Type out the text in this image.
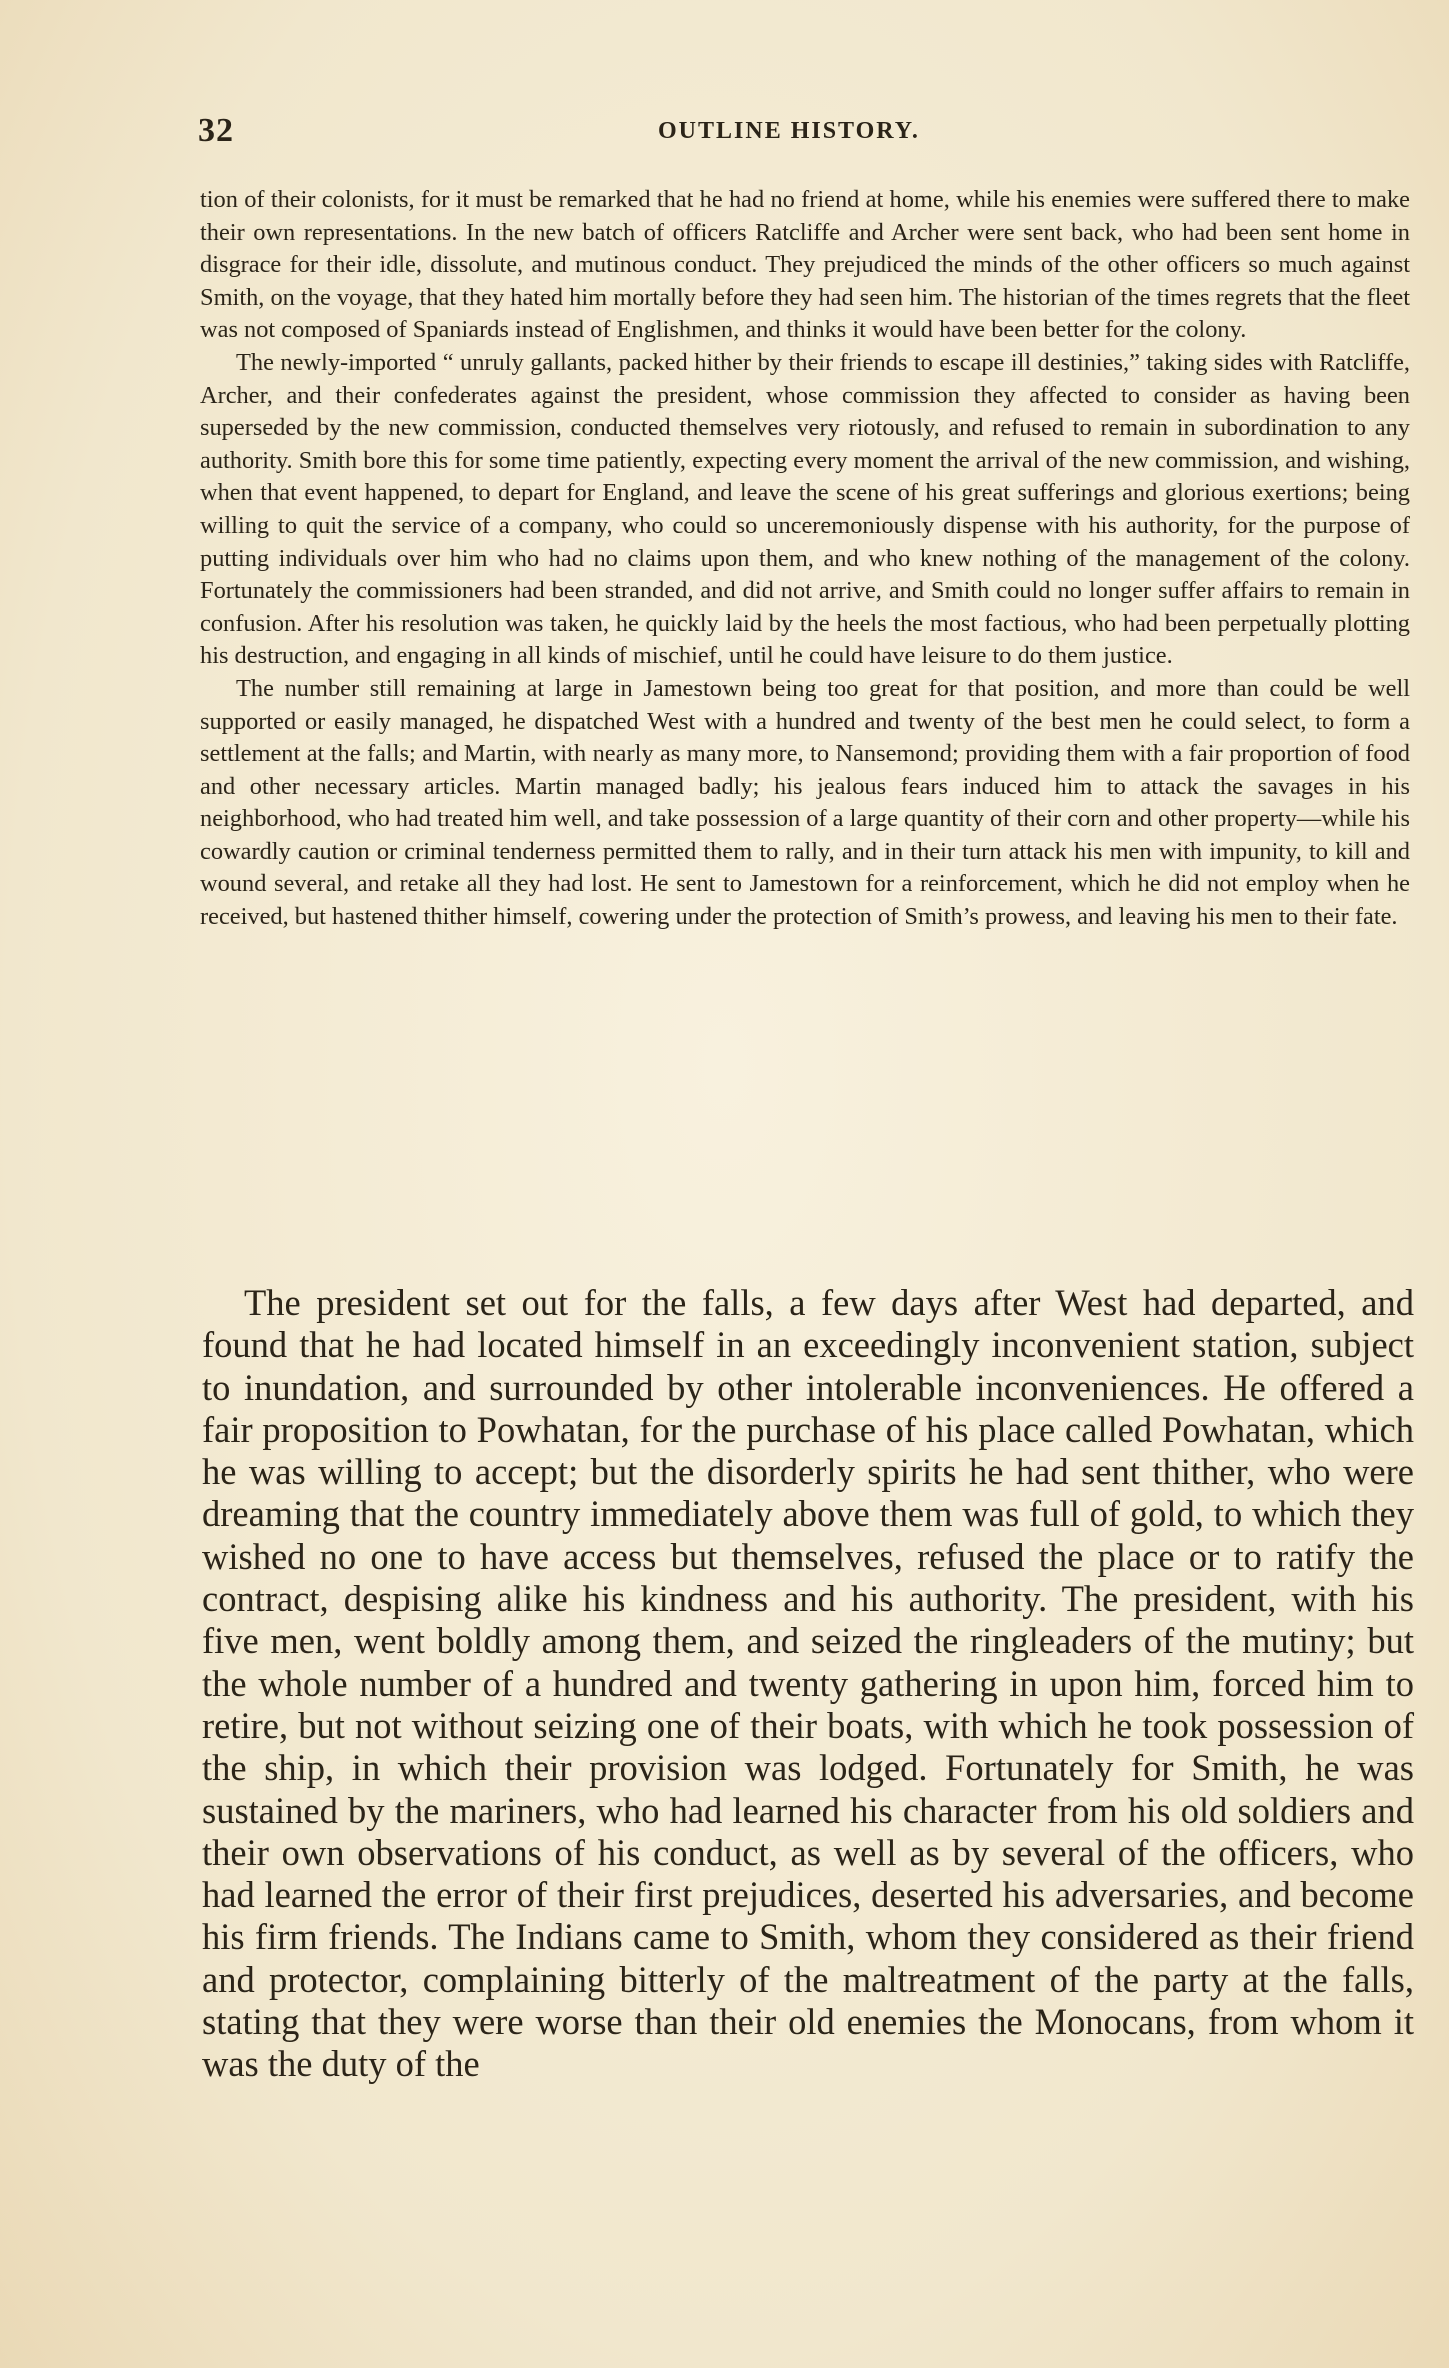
32	OUTLINE HISTORY.

tion of their colonists, for it must be remarked that he had no friend at home, while his enemies were suffered there to make their own representations. In the new batch of officers Ratcliffe and Archer were sent back, who had been sent home in disgrace for their idle, dissolute, and mutinous conduct. They prejudiced the minds of the other officers so much against Smith, on the voyage, that they hated him mortally before they had seen him. The historian of the times regrets that the fleet was not composed of Spaniards instead of Englishmen, and thinks it would have been better for the colony.

The newly-imported “ unruly gallants, packed hither by their friends to escape ill destinies,” taking sides with Ratcliffe, Archer, and their confederates against the president, whose commission they affected to consider as having been superseded by the new commission, conducted themselves very riotously, and refused to remain in subordination to any authority. Smith bore this for some time patiently, expecting every moment the arrival of the new commission, and wishing, when that event happened, to depart for England, and leave the scene of his great sufferings and glorious exertions; being willing to quit the service of a company, who could so unceremoniously dispense with his authority, for the purpose of putting individuals over him who had no claims upon them, and who knew nothing of the management of the colony. Fortunately the commissioners had been stranded, and did not arrive, and Smith could no longer suffer affairs to remain in confusion. After his resolution was taken, he quickly laid by the heels the most factious, who had been perpetually plotting his destruction, and engaging in all kinds of mischief, until he could have leisure to do them justice.

The number still remaining at large in Jamestown being too great for that position, and more than could be well supported or easily managed, he dispatched West with a hundred and twenty of the best men he could select, to form a settlement at the falls; and Martin, with nearly as many more, to Nansemond; providing them with a fair proportion of food and other necessary articles. Martin managed badly; his jealous fears induced him to attack the savages in his neighborhood, who had treated him well, and take possession of a large quantity of their corn and other property—while his cowardly caution or criminal tenderness permitted them to rally, and in their turn attack his men with impunity, to kill and wound several, and retake all they had lost. He sent to Jamestown for a reinforcement, which he did not employ when he received, but hastened thither himself, cowering under the protection of Smith’s prowess, and leaving his men to their fate.

The president set out for the falls, a few days after West had departed, and found that he had located himself in an exceedingly inconvenient station, subject to inundation, and surrounded by other intolerable inconveniences. He offered a fair proposition to Powhatan, for the purchase of his place called Powhatan, which he was willing to accept; but the disorderly spirits he had sent thither, who were dreaming that the country immediately above them was full of gold, to which they wished no one to have access but themselves, refused the place or to ratify the contract, despising alike his kindness and his authority. The president, with his five men, went boldly among them, and seized the ringleaders of the mutiny; but the whole number of a hundred and twenty gathering in upon him, forced him to retire, but not without seizing one of their boats, with which he took possession of the ship, in which their provision was lodged. Fortunately for Smith, he was sustained by the mariners, who had learned his character from his old soldiers and their own observations of his conduct, as well as by several of the officers, who had learned the error of their first prejudices, deserted his adversaries, and become his firm friends. The Indians came to Smith, whom they considered as their friend and protector, complaining bitterly of the maltreatment of the party at the falls, stating that they were worse than their old enemies the Monocans, from whom it was the duty of the
